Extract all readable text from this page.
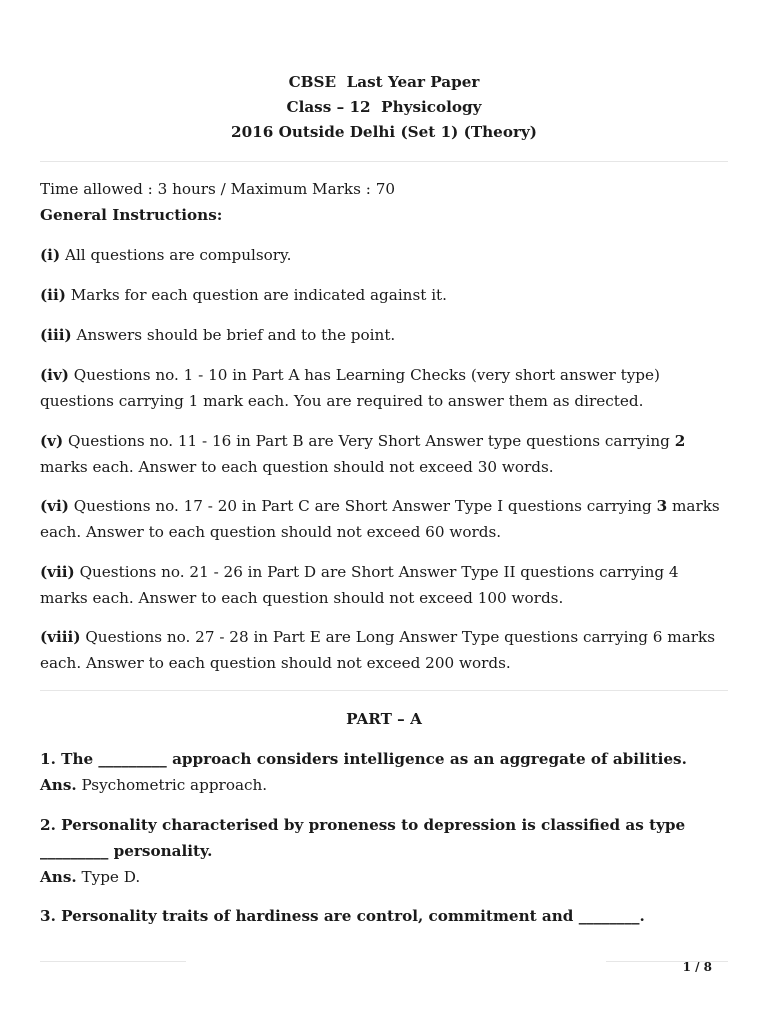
CBSE  Last Year Paper
Class – 12  Physicology
2016 Outside Delhi (Set 1) (Theory)
Time allowed : 3 hours / Maximum Marks : 70
General Instructions:
(i) All questions are compulsory.
(ii) Marks for each question are indicated against it.
(iii) Answers should be brief and to the point.
(iv) Questions no. 1 - 10 in Part A has Learning Checks (very short answer type) questions carrying 1 mark each. You are required to answer them as directed.
(v) Questions no. 11 - 16 in Part B are Very Short Answer type questions carrying 2 marks each. Answer to each question should not exceed 30 words.
(vi) Questions no. 17 - 20 in Part C are Short Answer Type I questions carrying 3 marks each. Answer to each question should not exceed 60 words.
(vii) Questions no. 21 - 26 in Part D are Short Answer Type II questions carrying 4 marks each. Answer to each question should not exceed 100 words.
(viii) Questions no. 27 - 28 in Part E are Long Answer Type questions carrying 6 marks each. Answer to each question should not exceed 200 words.
PART – A
1. The _________ approach considers intelligence as an aggregate of abilities.
Ans. Psychometric approach.
2. Personality characterised by proneness to depression is classified as type _________ personality.
Ans. Type D.
3. Personality traits of hardiness are control, commitment and ________.
1 / 8
